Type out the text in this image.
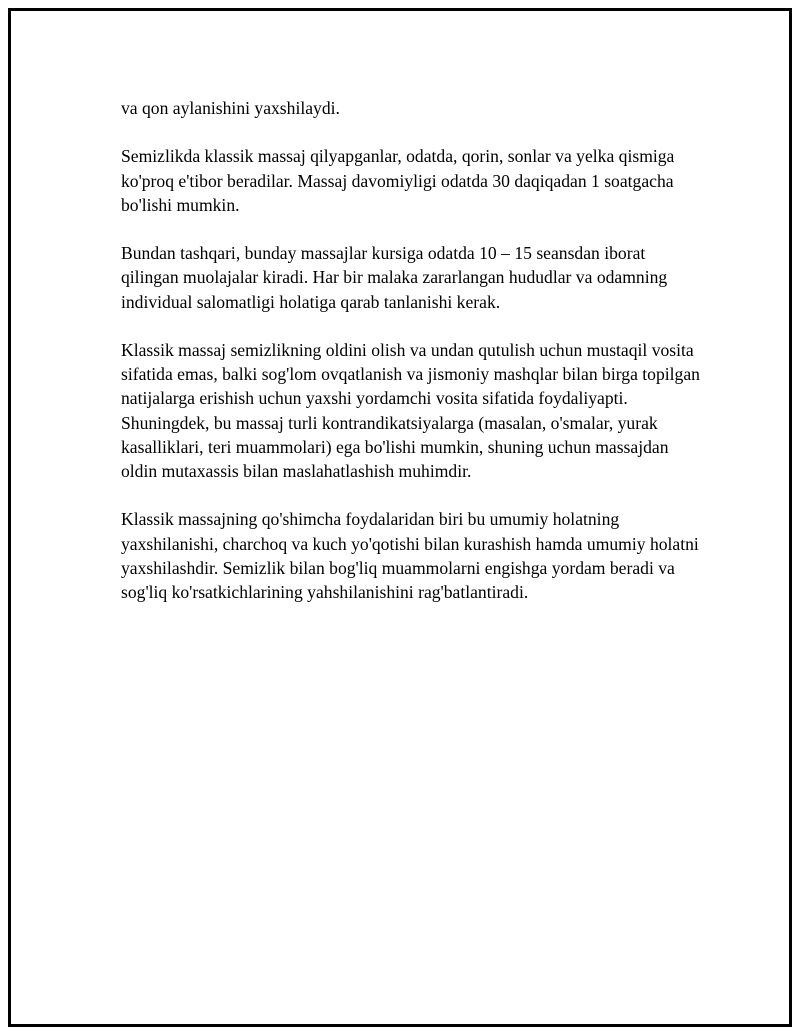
va qon aylanishini yaxshilaydi.

Semizlikda klassik massaj qilyapganlar, odatda, qorin, sonlar va yelka qismiga ko'proq e'tibor beradilar. Massaj davomiyligi odatda 30 daqiqadan 1 soatgacha bo'lishi mumkin.

Bundan tashqari, bunday massajlar kursiga odatda 10 – 15 seansdan iborat qilingan muolajalar kiradi. Har bir malaka zararlangan hududlar va odamning individual salomatligi holatiga qarab tanlanishi kerak.

Klassik massaj semizlikning oldini olish va undan qutulish uchun mustaqil vosita sifatida emas, balki sog'lom ovqatlanish va jismoniy mashqlar bilan birga topilgan natijalarga erishish uchun yaxshi yordamchi vosita sifatida foydaliyapti. Shuningdek, bu massaj turli kontrandikatsiyalarga (masalan, o'smalar, yurak kasalliklari, teri muammolari) ega bo'lishi mumkin, shuning uchun massajdan oldin mutaxassis bilan maslahatlashish muhimdir.

Klassik massajning qo'shimcha foydalaridan biri bu umumiy holatning yaxshilanishi, charchoq va kuch yo'qotishi bilan kurashish hamda umumiy holatni yaxshilashdir. Semizlik bilan bog'liq muammolarni engishga yordam beradi va sog'liq ko'rsatkichlarining yahshilanishini rag'batlantiradi.
